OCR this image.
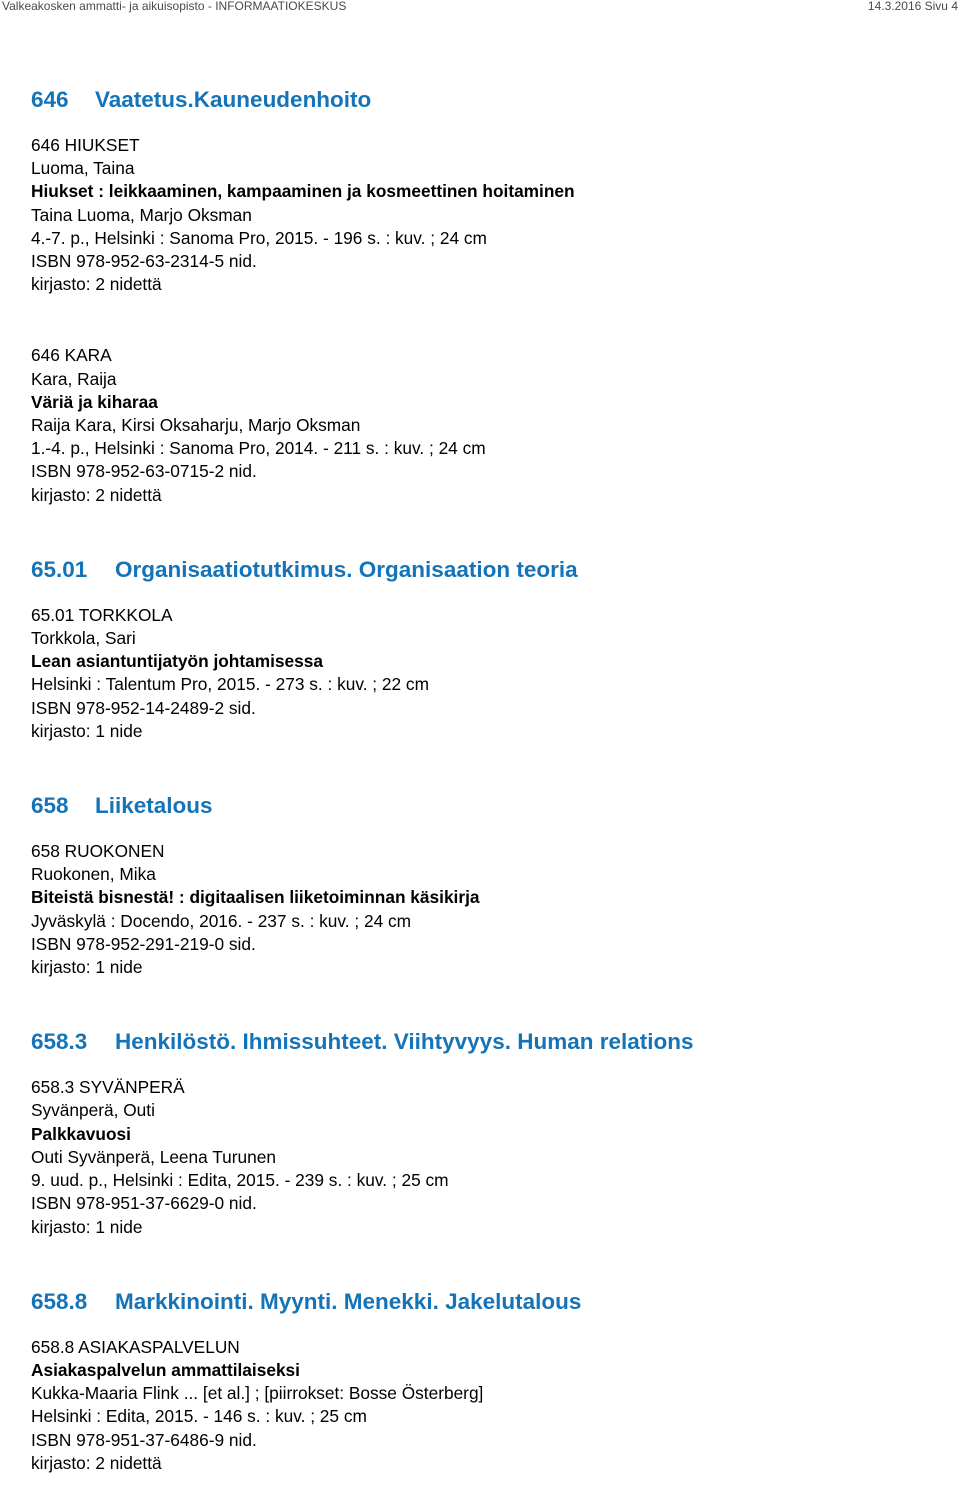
Valkeakosken ammatti- ja aikuisopisto - INFORMAATIOKESKUS	14.3.2016 Sivu 4
646 Vaatetus.Kauneudenhoito
646 HIUKSET
Luoma, Taina
Hiukset : leikkaaminen, kampaaminen ja kosmeettinen hoitaminen
Taina Luoma, Marjo Oksman
4.-7. p., Helsinki : Sanoma Pro, 2015. - 196 s. : kuv. ; 24 cm
ISBN 978-952-63-2314-5 nid.
kirjasto: 2 nidettä
646 KARA
Kara, Raija
Väriä ja kiharaa
Raija Kara, Kirsi Oksaharju, Marjo Oksman
1.-4. p., Helsinki : Sanoma Pro, 2014. - 211 s. : kuv. ; 24 cm
ISBN 978-952-63-0715-2 nid.
kirjasto: 2 nidettä
65.01 Organisaatiotutkimus. Organisaation teoria
65.01 TORKKOLA
Torkkola, Sari
Lean asiantuntijatyön johtamisessa
Helsinki : Talentum Pro, 2015. - 273 s. : kuv. ; 22 cm
ISBN 978-952-14-2489-2 sid.
kirjasto: 1 nide
658 Liiketalous
658 RUOKONEN
Ruokonen, Mika
Biteistä bisnestä! : digitaalisen liiketoiminnan käsikirja
Jyväskylä : Docendo, 2016. - 237 s. : kuv. ; 24 cm
ISBN 978-952-291-219-0 sid.
kirjasto: 1 nide
658.3 Henkilöstö. Ihmissuhteet. Viihtyvyys. Human relations
658.3 SYVÄNPERÄ
Syvänperä, Outi
Palkkavuosi
Outi Syvänperä, Leena Turunen
9. uud. p., Helsinki : Edita, 2015. - 239 s. : kuv. ; 25 cm
ISBN 978-951-37-6629-0 nid.
kirjasto: 1 nide
658.8 Markkinointi. Myynti. Menekki. Jakelutalous
658.8 ASIAKASPALVELUN
Asiakaspalvelun ammattilaiseksi
Kukka-Maaria Flink ... [et al.] ; [piirrokset: Bosse Österberg]
Helsinki : Edita, 2015. - 146 s. : kuv. ; 25 cm
ISBN 978-951-37-6486-9 nid.
kirjasto: 2 nidettä
